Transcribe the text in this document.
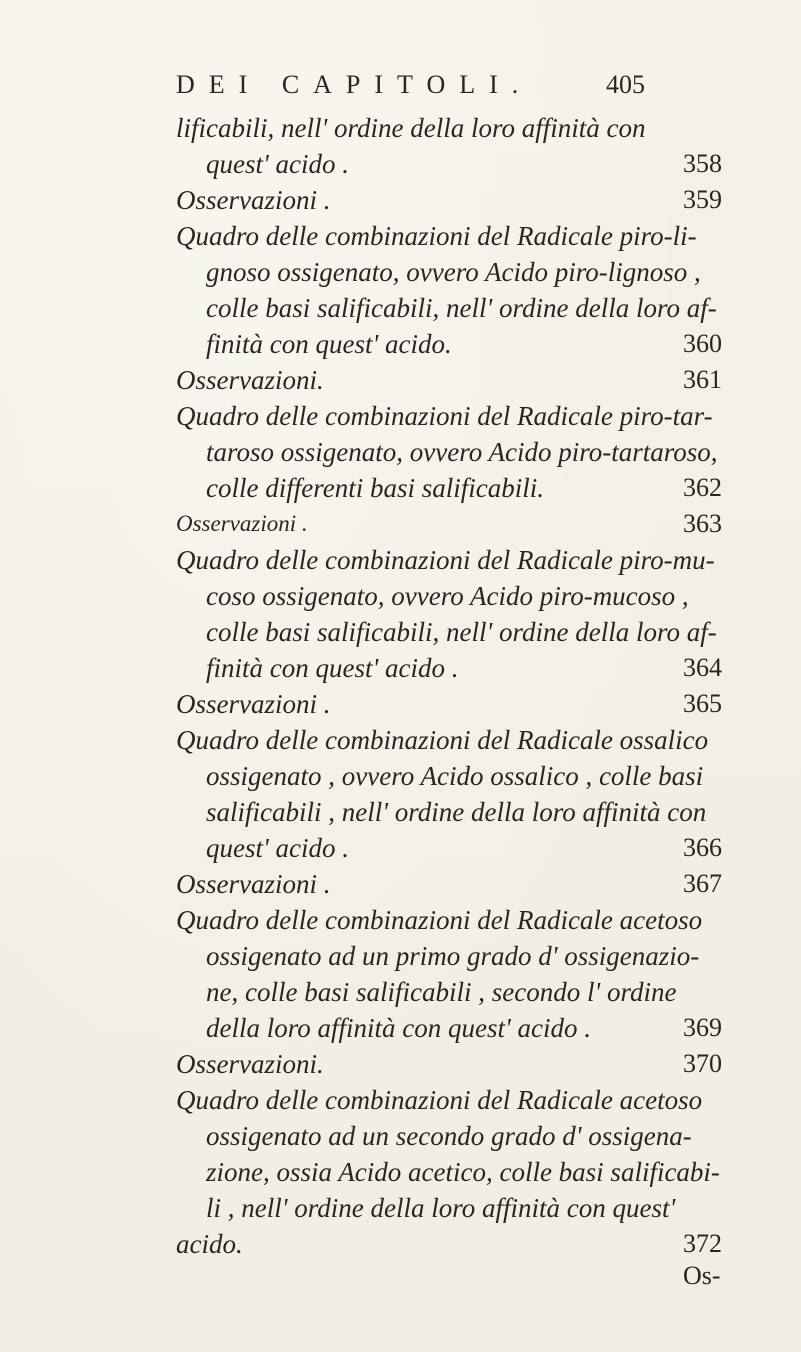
DEI CAPITOLI.	405
lificabili, nell' ordine della loro affinità con
quest' acido .	358
Osservazioni .	359
Quadro delle combinazioni del Radicale piro-li-
gnoso ossigenato, ovvero Acido piro-lignoso ,
colle basi salificabili, nell' ordine della loro af-
finità con quest' acido.	360
Osservazioni.	361
Quadro delle combinazioni del Radicale piro-tar-
taroso ossigenato, ovvero Acido piro-tartaroso,
colle differenti basi salificabili.	362
Osservazioni .	363
Quadro delle combinazioni del Radicale piro-mu-
coso ossigenato, ovvero Acido piro-mucoso ,
colle basi salificabili, nell' ordine della loro af-
finità con quest' acido .	364
Osservazioni .	365
Quadro delle combinazioni del Radicale ossalico
ossigenato , ovvero Acido ossalico , colle basi
salificabili , nell' ordine della loro affinità con
quest' acido .	366
Osservazioni .	367
Quadro delle combinazioni del Radicale acetoso
ossigenato ad un primo grado d' ossigenazio-
ne, colle basi salificabili , secondo l' ordine
della loro affinità con quest' acido .	369
Osservazioni.	370
Quadro delle combinazioni del Radicale acetoso
ossigenato ad un secondo grado d' ossigena-
zione, ossia Acido acetico, colle basi salificabi-
li , nell' ordine della loro affinità con quest'
acido.	372
Os-
